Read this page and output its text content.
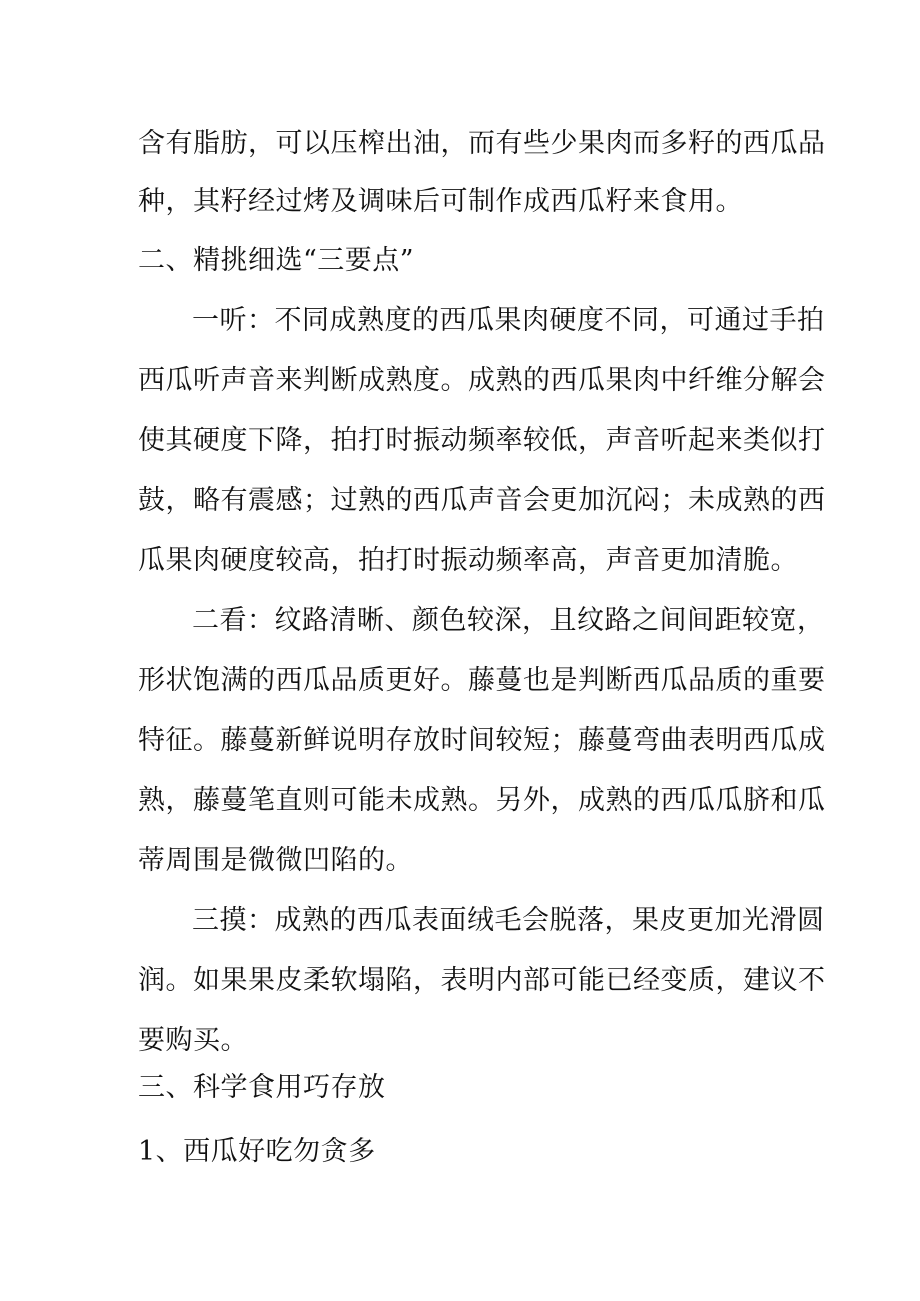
含有脂肪，可以压榨出油，而有些少果肉而多籽的西瓜品
种，其籽经过烤及调味后可制作成西瓜籽来食用。
二、精挑细选“三要点”
一听：不同成熟度的西瓜果肉硬度不同，可通过手拍
西瓜听声音来判断成熟度。成熟的西瓜果肉中纤维分解会
使其硬度下降，拍打时振动频率较低，声音听起来类似打
鼓，略有震感；过熟的西瓜声音会更加沉闷；未成熟的西
瓜果肉硬度较高，拍打时振动频率高，声音更加清脆。
二看：纹路清晰、颜色较深，且纹路之间间距较宽，
形状饱满的西瓜品质更好。藤蔓也是判断西瓜品质的重要
特征。藤蔓新鲜说明存放时间较短；藤蔓弯曲表明西瓜成
熟，藤蔓笔直则可能未成熟。另外，成熟的西瓜瓜脐和瓜
蒂周围是微微凹陷的。
三摸：成熟的西瓜表面绒毛会脱落，果皮更加光滑圆
润。如果果皮柔软塌陷，表明内部可能已经变质，建议不
要购买。
三、科学食用巧存放
1、西瓜好吃勿贪多
